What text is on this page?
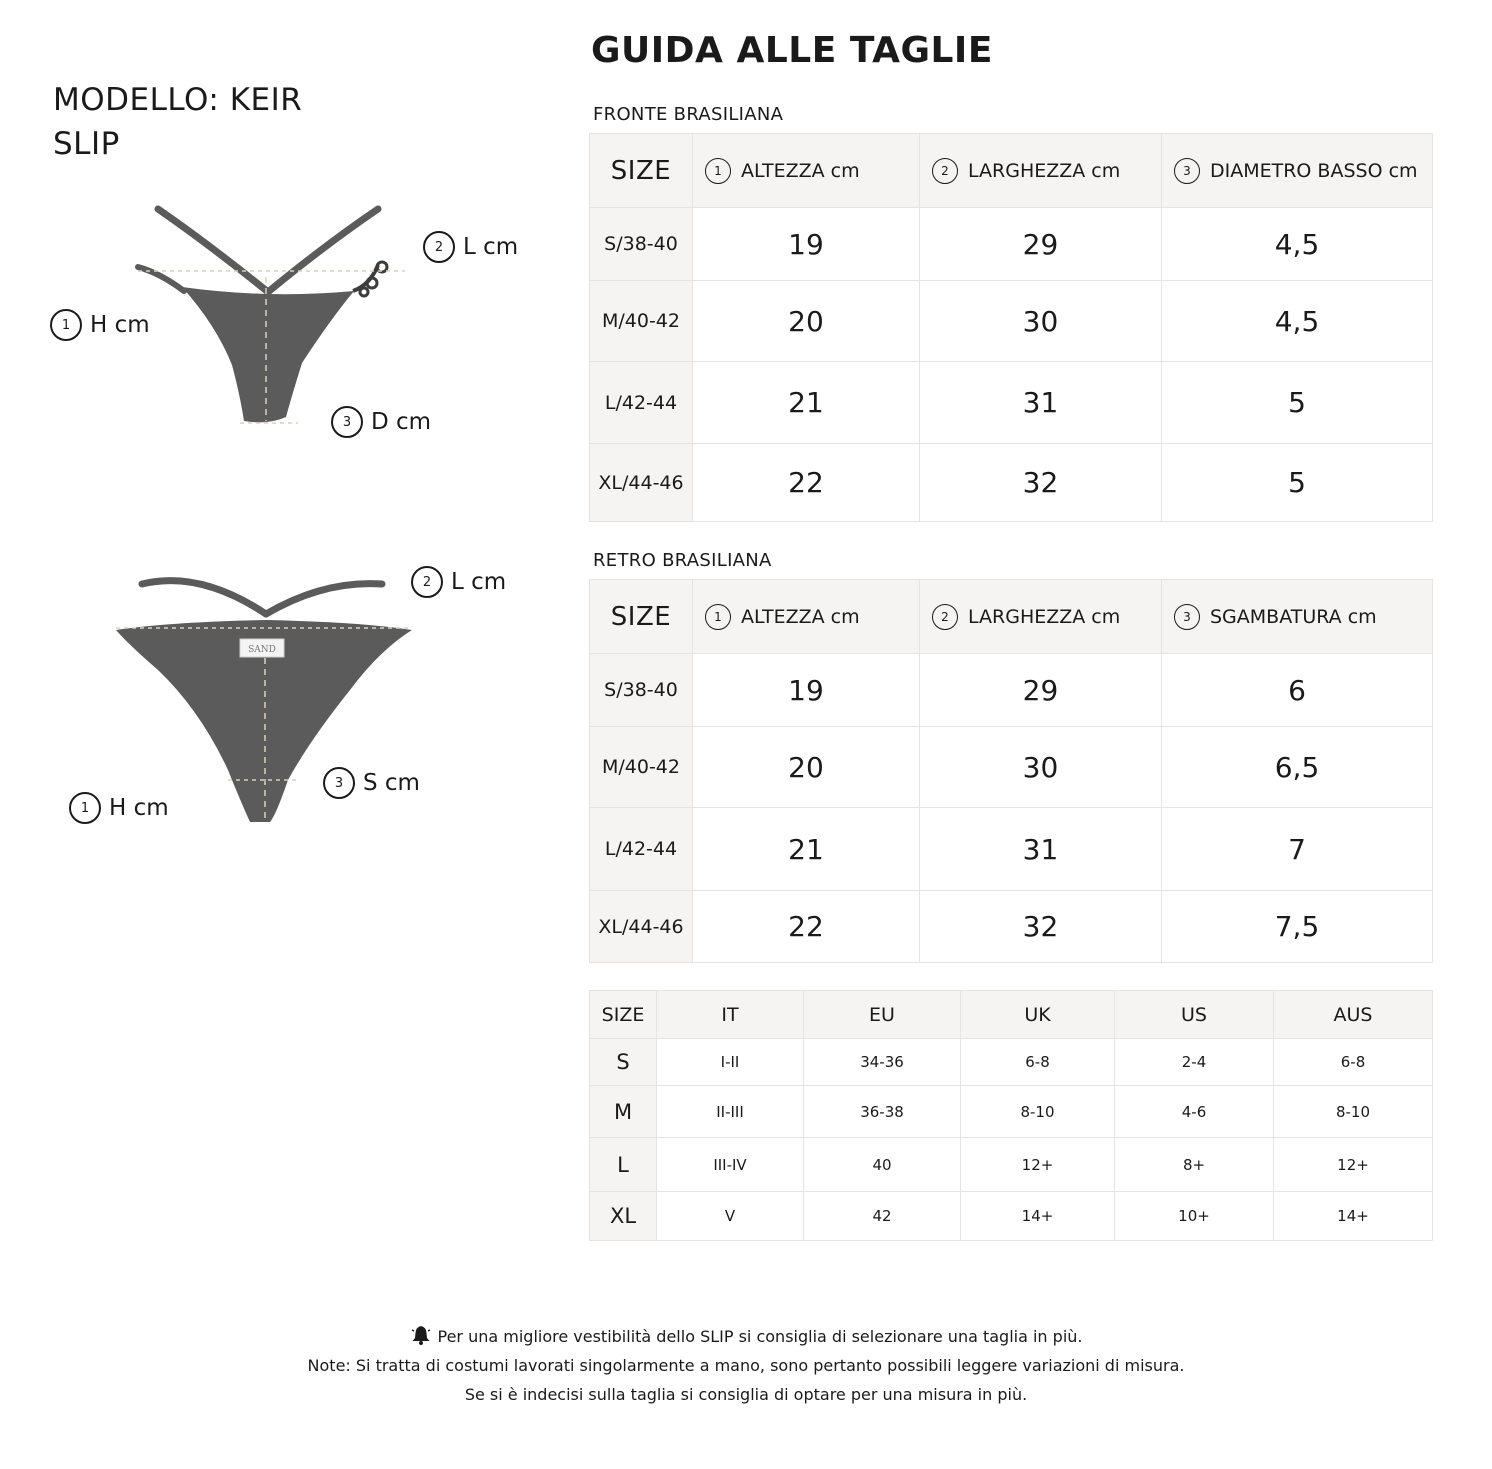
MODELLO: KEIR
SLIP
GUIDA ALLE TAGLIE
2 L cm
1 H cm
3 D cm
SAND
2 L cm
3 S cm
1 H cm
FRONTE BRASILIANA
SIZE	1 ALTEZZA cm	2 LARGHEZZA cm	3 DIAMETRO BASSO cm

S/38-40	19	29	4,5
M/40-42	20	30	4,5
L/42-44	21	31	5
XL/44-46	22	32	5
RETRO BRASILIANA
SIZE	1 ALTEZZA cm	2 LARGHEZZA cm	3 SGAMBATURA cm

S/38-40	19	29	6
M/40-42	20	30	6,5
L/42-44	21	31	7
XL/44-46	22	32	7,5
SIZE	IT	EU	UK	US	AUS
S	I-II	34-36	6-8	2-4	6-8
M	II-III	36-38	8-10	4-6	8-10
L	III-IV	40	12+	8+	12+
XL	V	42	14+	10+	14+
Per una migliore vestibilità dello SLIP si consiglia di selezionare una taglia in più.
Note: Si tratta di costumi lavorati singolarmente a mano, sono pertanto possibili leggere variazioni di misura.
Se si è indecisi sulla taglia si consiglia di optare per una misura in più.
